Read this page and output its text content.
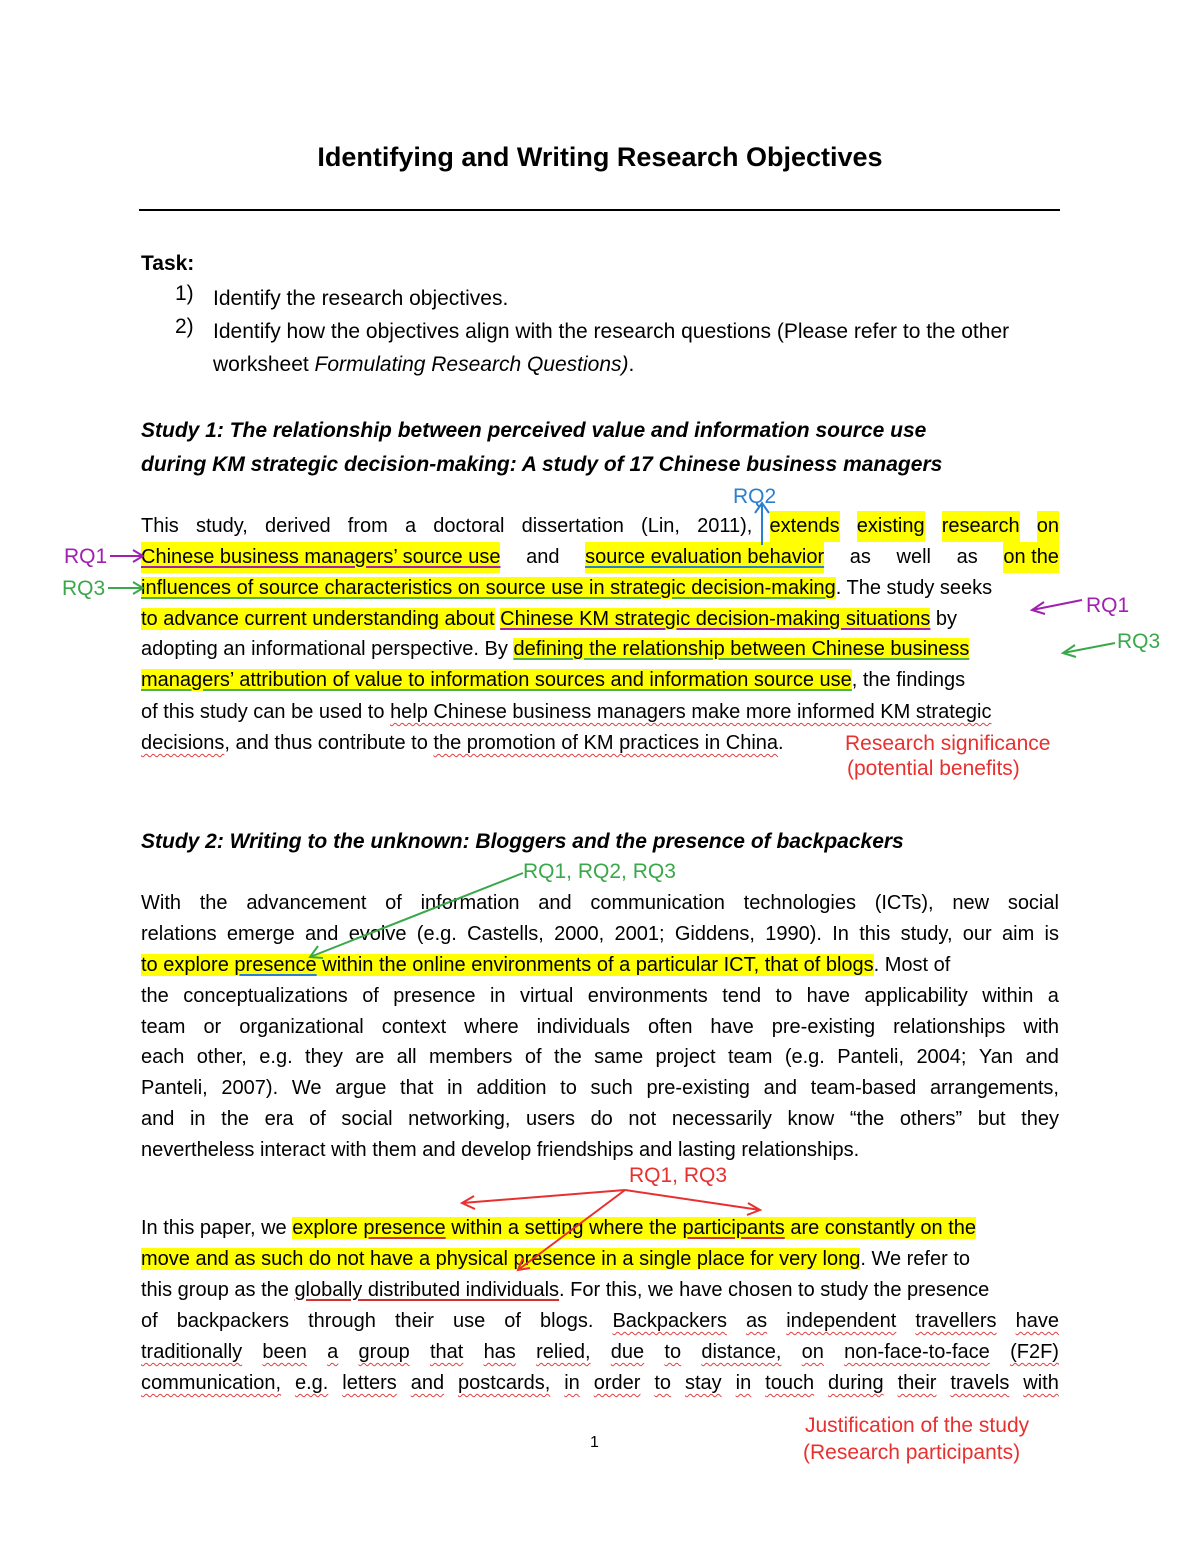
Identifying and Writing Research Objectives
Task:
1) Identify the research objectives.
2) Identify how the objectives align with the research questions (Please refer to the other worksheet Formulating Research Questions).
Study 1: The relationship between perceived value and information source use
during KM strategic decision-making: A study of 17 Chinese business managers
This study, derived from a doctoral dissertation (Lin, 2011), extends existing research on
Chinese business managers’ source use and source evaluation behavior as well as on the
influences of source characteristics on source use in strategic decision-making. The study seeks
to advance current understanding about Chinese KM strategic decision-making situations by
adopting an informational perspective. By defining the relationship between Chinese business
managers’ attribution of value to information sources and information source use, the findings
of this study can be used to help Chinese business managers make more informed KM strategic
decisions, and thus contribute to the promotion of KM practices in China.
Study 2: Writing to the unknown: Bloggers and the presence of backpackers
With the advancement of information and communication technologies (ICTs), new social
relations emerge and evolve (e.g. Castells, 2000, 2001; Giddens, 1990). In this study, our aim is
to explore presence within the online environments of a particular ICT, that of blogs. Most of
the conceptualizations of presence in virtual environments tend to have applicability within a
team or organizational context where individuals often have pre-existing relationships with
each other, e.g. they are all members of the same project team (e.g. Panteli, 2004; Yan and
Panteli, 2007). We argue that in addition to such pre-existing and team-based arrangements,
and in the era of social networking, users do not necessarily know “the others” but they
nevertheless interact with them and develop friendships and lasting relationships.
In this paper, we explore presence within a setting where the participants are constantly on the
move and as such do not have a physical presence in a single place for very long. We refer to
this group as the globally distributed individuals. For this, we have chosen to study the presence
of backpackers through their use of blogs. Backpackers as independent travellers have
traditionally been a group that has relied, due to distance, on non-face-to-face (F2F)
communication, e.g. letters and postcards, in order to stay in touch during their travels with
RQ2
RQ1
RQ3
RQ1
RQ3
Research significance
(potential benefits)
RQ1, RQ2, RQ3
RQ1, RQ3
Justification of the study
(Research participants)
1
